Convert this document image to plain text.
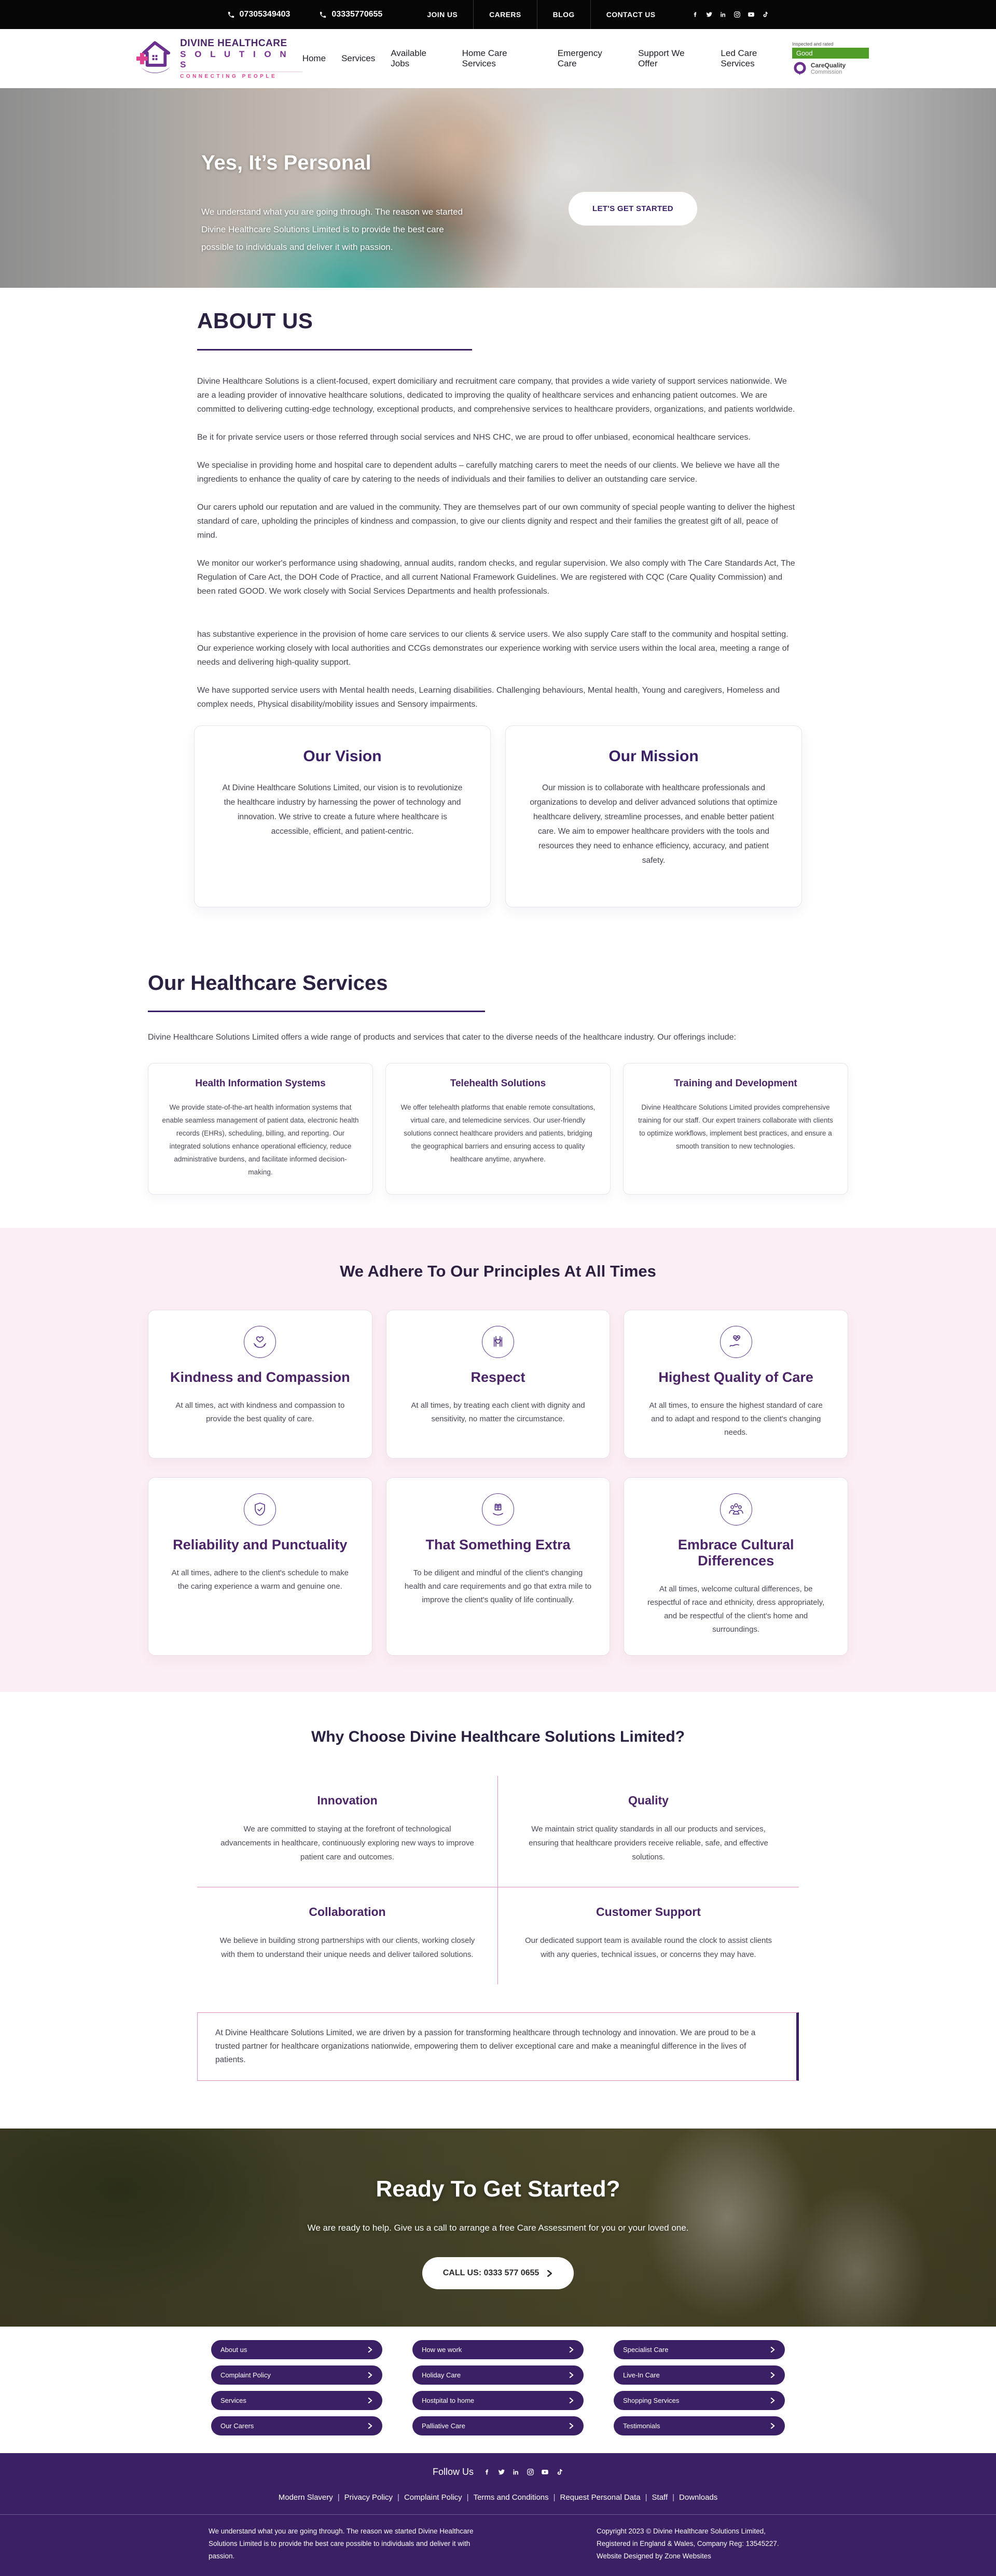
07305349403	03335770655	JOIN US	CARERS	BLOG	CONTACT US
DIVINE HEALTHCARE
S O L U T I O N S
CONNECTING PEOPLE
Home Services
Available Jobs
Home Care Services
Emergency Care
Support We Offer
Led Care Services
Inspected and rated
Good
CareQuality
Commission
Yes, It’s Personal

We understand what you are going through. The reason we started Divine Healthcare Solutions Limited is to provide the best care possible to individuals and deliver it with passion.

LET'S GET STARTED
ABOUT US

Divine Healthcare Solutions is a client-focused, expert domiciliary and recruitment care company, that provides a wide variety of support services nationwide. We are a leading provider of innovative healthcare solutions, dedicated to improving the quality of healthcare services and enhancing patient outcomes. We are committed to delivering cutting-edge technology, exceptional products, and comprehensive services to healthcare providers, organizations, and patients worldwide.

Be it for private service users or those referred through social services and NHS CHC, we are proud to offer unbiased, economical healthcare services.

We specialise in providing home and hospital care to dependent adults – carefully matching carers to meet the needs of our clients. We believe we have all the ingredients to enhance the quality of care by catering to the needs of individuals and their families to deliver an outstanding care service.

Our carers uphold our reputation and are valued in the community. They are themselves part of our own community of special people wanting to deliver the highest standard of care, upholding the principles of kindness and compassion, to give our clients dignity and respect and their families the greatest gift of all, peace of mind.

We monitor our worker's performance using shadowing, annual audits, random checks, and regular supervision. We also comply with The Care Standards Act, The Regulation of Care Act, the DOH Code of Practice, and all current National Framework Guidelines. We are registered with CQC (Care Quality Commission) and been rated GOOD. We work closely with Social Services Departments and health professionals.

has substantive experience in the provision of home care services to our clients & service users. We also supply Care staff to the community and hospital setting. Our experience working closely with local authorities and CCGs demonstrates our experience working with service users within the local area, meeting a range of needs and delivering high-quality support.

We have supported service users with Mental health needs, Learning disabilities. Challenging behaviours, Mental health, Young and caregivers, Homeless and complex needs, Physical disability/mobility issues and Sensory impairments.

Our Vision

At Divine Healthcare Solutions Limited, our vision is to revolutionize the healthcare industry by harnessing the power of technology and innovation. We strive to create a future where healthcare is accessible, efficient, and patient-centric.

Our Mission

Our mission is to collaborate with healthcare professionals and organizations to develop and deliver advanced solutions that optimize healthcare delivery, streamline processes, and enable better patient care. We aim to empower healthcare providers with the tools and resources they need to enhance efficiency, accuracy, and patient safety.

Our Healthcare Services

Divine Healthcare Solutions Limited offers a wide range of products and services that cater to the diverse needs of the healthcare industry. Our offerings include:

Health Information Systems

We provide state-of-the-art health information systems that enable seamless management of patient data, electronic health records (EHRs), scheduling, billing, and reporting. Our integrated solutions enhance operational efficiency, reduce administrative burdens, and facilitate informed decision-making.

Telehealth Solutions

We offer telehealth platforms that enable remote consultations, virtual care, and telemedicine services. Our user-friendly solutions connect healthcare providers and patients, bridging the geographical barriers and ensuring access to quality healthcare anytime, anywhere.

Training and Development

Divine Healthcare Solutions Limited provides comprehensive training for our staff. Our expert trainers collaborate with clients to optimize workflows, implement best practices, and ensure a smooth transition to new technologies.

We Adhere To Our Principles At All Times
Kindness and Compassion

At all times, act with kindness and compassion to provide the best quality of care.

Respect

At all times, by treating each client with dignity and sensitivity, no matter the circumstance.

Highest Quality of Care

At all times, to ensure the highest standard of care and to adapt and respond to the client's changing needs.

Reliability and Punctuality

At all times, adhere to the client's schedule to make the caring experience a warm and genuine one.

That Something Extra

To be diligent and mindful of the client's changing health and care requirements and go that extra mile to improve the client's quality of life continually.

Embrace Cultural Differences

At all times, welcome cultural differences, be respectful of race and ethnicity, dress appropriately, and be respectful of the client's home and surroundings.

Why Choose Divine Healthcare Solutions Limited?
Innovation

We are committed to staying at the forefront of technological advancements in healthcare, continuously exploring new ways to improve patient care and outcomes.

Quality

We maintain strict quality standards in all our products and services, ensuring that healthcare providers receive reliable, safe, and effective solutions.

Collaboration

We believe in building strong partnerships with our clients, working closely with them to understand their unique needs and deliver tailored solutions.

Customer Support

Our dedicated support team is available round the clock to assist clients with any queries, technical issues, or concerns they may have.

At Divine Healthcare Solutions Limited, we are driven by a passion for transforming healthcare through technology and innovation. We are proud to be a trusted partner for healthcare organizations nationwide, empowering them to deliver exceptional care and make a meaningful difference in the lives of patients.
Ready To Get Started?

We are ready to help. Give us a call to arrange a free Care Assessment for you or your loved one.

CALL US: 0333 577 0655
About us	How we work	Specialist Care
Complaint Policy	Holiday Care	Live-In Care
Services	Hostpital to home	Shopping Services
Our Carers	Palliative Care	Testimonials
Follow Us
Modern Slavery | Privacy Policy | Complaint Policy | Terms and Conditions | Request Personal Data | Staff | Downloads
We understand what you are going through. The reason we started Divine Healthcare Solutions Limited is to provide the best care possible to individuals and deliver it with passion.
Copyright 2023 © Divine Healthcare Solutions Limited, Registered in England & Wales, Company Reg: 13545227. Website Designed by Zone Websites
